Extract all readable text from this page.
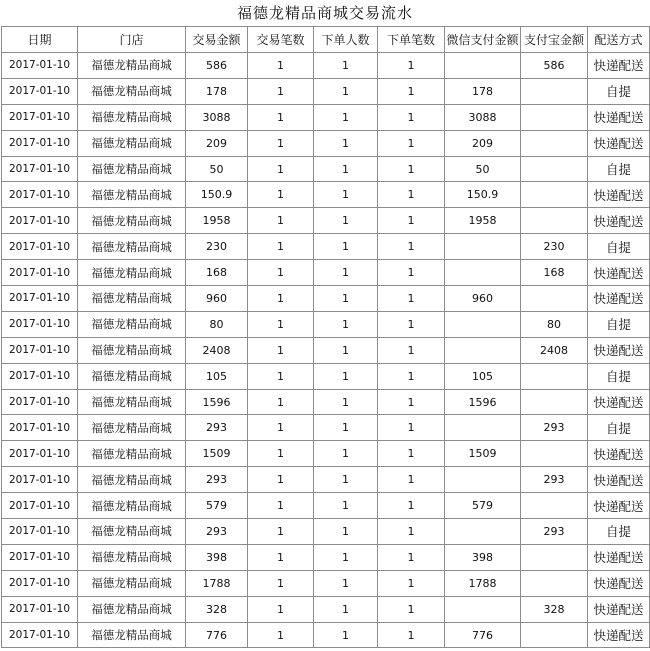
福德龙精品商城交易流水
日期	门店	交易金额	交易笔数	下单人数	下单笔数	微信支付金额	支付宝金额	配送方式
2017-01-10	福德龙精品商城	586	1	1	1		586	快递配送
2017-01-10	福德龙精品商城	178	1	1	1	178		自提
2017-01-10	福德龙精品商城	3088	1	1	1	3088		快递配送
2017-01-10	福德龙精品商城	209	1	1	1	209		快递配送
2017-01-10	福德龙精品商城	50	1	1	1	50		自提
2017-01-10	福德龙精品商城	150.9	1	1	1	150.9		快递配送
2017-01-10	福德龙精品商城	1958	1	1	1	1958		快递配送
2017-01-10	福德龙精品商城	230	1	1	1		230	自提
2017-01-10	福德龙精品商城	168	1	1	1		168	快递配送
2017-01-10	福德龙精品商城	960	1	1	1	960		快递配送
2017-01-10	福德龙精品商城	80	1	1	1		80	自提
2017-01-10	福德龙精品商城	2408	1	1	1		2408	快递配送
2017-01-10	福德龙精品商城	105	1	1	1	105		自提
2017-01-10	福德龙精品商城	1596	1	1	1	1596		快递配送
2017-01-10	福德龙精品商城	293	1	1	1		293	自提
2017-01-10	福德龙精品商城	1509	1	1	1	1509		快递配送
2017-01-10	福德龙精品商城	293	1	1	1		293	快递配送
2017-01-10	福德龙精品商城	579	1	1	1	579		快递配送
2017-01-10	福德龙精品商城	293	1	1	1		293	自提
2017-01-10	福德龙精品商城	398	1	1	1	398		快递配送
2017-01-10	福德龙精品商城	1788	1	1	1	1788		快递配送
2017-01-10	福德龙精品商城	328	1	1	1		328	快递配送
2017-01-10	福德龙精品商城	776	1	1	1	776		快递配送
